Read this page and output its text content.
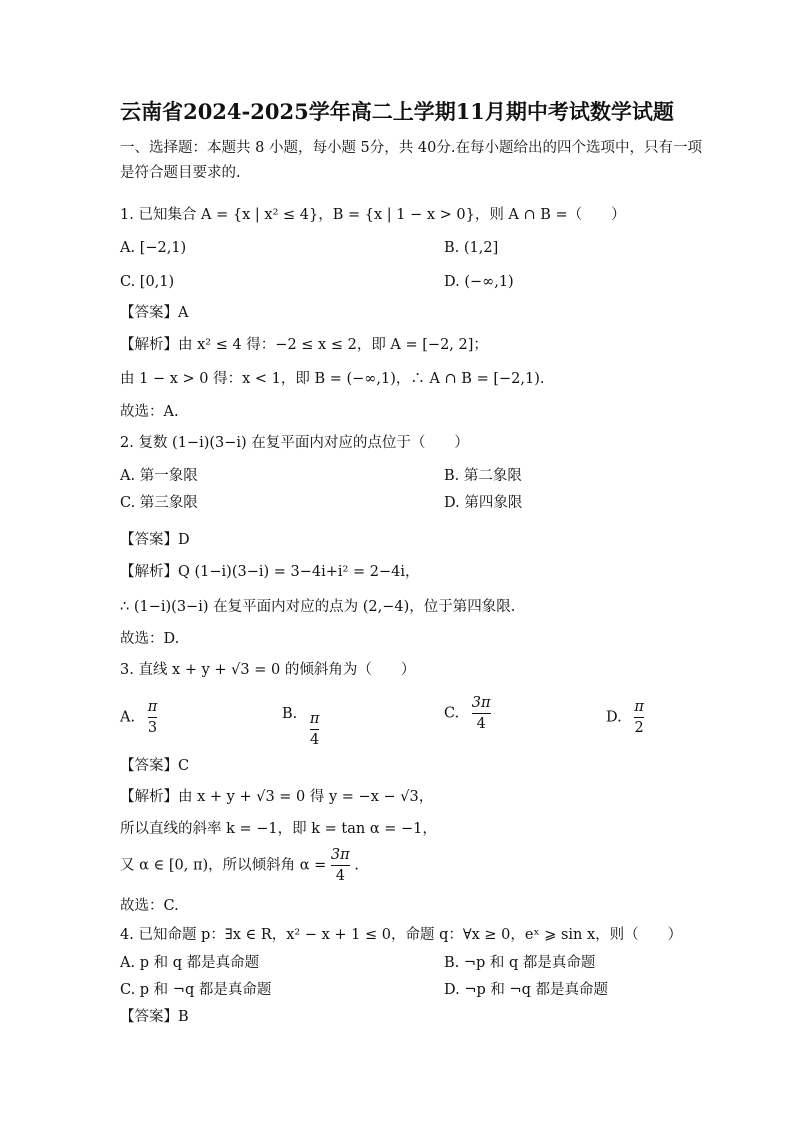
云南省2024-2025学年高二上学期11月期中考试数学试题
一、选择题：本题共 8 小题，每小题 5分，共 40分.在每小题给出的四个选项中，只有一项
是符合题目要求的.
1. 已知集合 A = {x | x² ≤ 4}，B = {x | 1 − x > 0}，则 A ∩ B =（　　）
A. [−2,1)	B. (1,2]
C. [0,1)	D. (−∞,1)
【答案】A
【解析】由 x² ≤ 4 得：−2 ≤ x ≤ 2，即 A = [−2, 2]；
由 1 − x > 0 得：x < 1，即 B = (−∞,1)，∴ A ∩ B = [−2,1).
故选：A.
2. 复数 (1−i)(3−i) 在复平面内对应的点位于（　　）
A. 第一象限	B. 第二象限
C. 第三象限	D. 第四象限
【答案】D
【解析】Q (1−i)(3−i) = 3−4i+i² = 2−4i，
∴ (1−i)(3−i) 在复平面内对应的点为 (2,−4)，位于第四象限.
故选：D.
3. 直线 x + y + √3 = 0 的倾斜角为（　　）
A. $\frac{\pi}{3}$	B. $\frac{\pi}{4}$	C. $\frac{3\pi}{4}$	D. $\frac{\pi}{2}$
【答案】C
【解析】由 x + y + √3 = 0 得 y = −x − √3，
所以直线的斜率 k = −1，即 k = tan α = −1，
又 α ∈ [0, π)，所以倾斜角 $\alpha = \frac{3\pi}{4}$ .
故选：C.
4. 已知命题 p：∃x ∈ R，x² − x + 1 ≤ 0，命题 q：∀x ≥ 0，eˣ ⩾ sin x，则（　　）
A. p 和 q 都是真命题	B. ¬p 和 q 都是真命题
C. p 和 ¬q 都是真命题	D. ¬p 和 ¬q 都是真命题
【答案】B
